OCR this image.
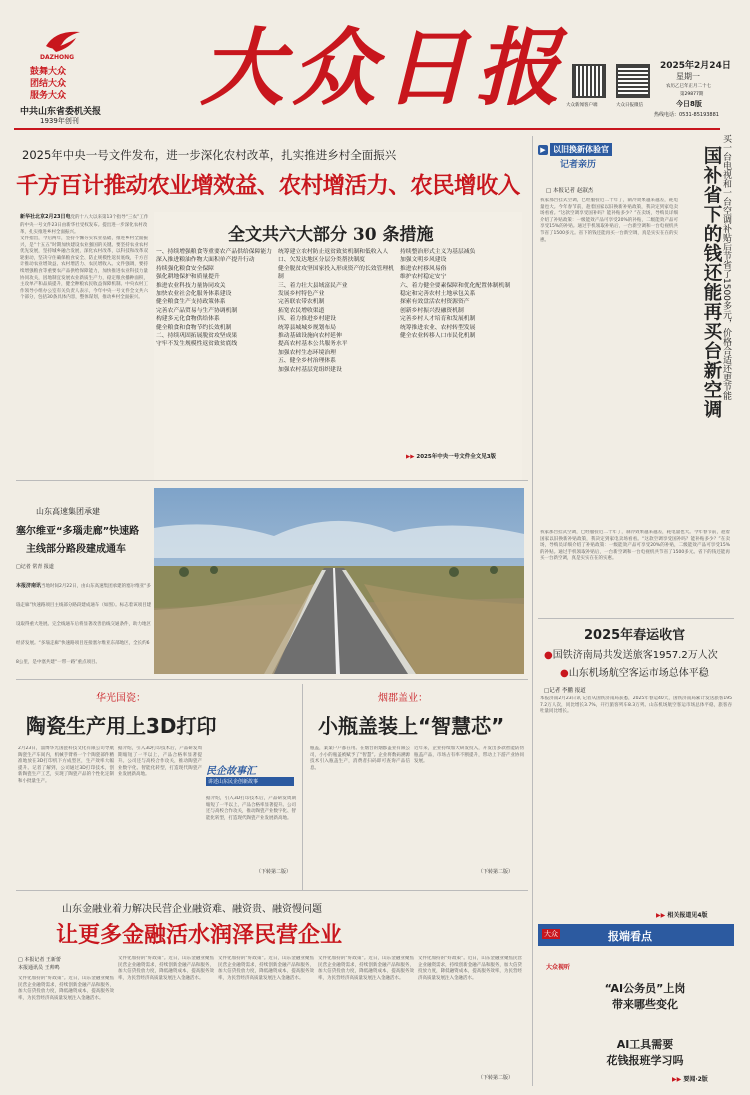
DAZHONG
鼓舞大众
团结大众
服务大众
中共山东省委机关报
1939年创刊
大众日报
大众新闻客户端	大众日报微信
2025年2月24日
星期一
农历乙巳年正月二十七
第29877期
今日8版
热线电话：0531-85193881
2025年中央一号文件发布，进一步深化农村改革，扎实推进乡村全面振兴
千方百计推动农业增效益、农村增活力、农民增收入
新华社北京2月23日电党的十八大以来第13个指导“三农”工作的中央一号文件23日由新华社受权发布。提出进一步深化农村改革，扎实推进乡村全面振兴。
文件指出，今后两年，坚持不懈夯实农业基础，推进乡村全面振兴，是“十五五”时期加快建设农业强国的关键。要坚持农业农村优先发展，坚持城乡融合发展，深化农村改革，以科技和改革双轮驱动，坚决守住确保粮食安全、防止规模性返贫底线，千方百计推动农业增效益、农村增活力、农民增收入。文件强调，要持续增强粮食等重要农产品供给保障能力，加快推进农业科技力量协同攻关，因地制宜发展农业新质生产力，稳定粮食播种面积，主攻单产和品质提升，健全种粮农民收益保障机制。中央农村工作领导小组办公室有关负责人表示，今年中央一号文件全文共六个部分，包括30条具体内容，整体谋划，推动乡村全面振兴。
全文共六大部分 30 条措施
一、持续增强粮食等重要农产品供给保障能力
深入推进粮油作物大面积单产提升行动
持续强化粮食安全保障
强化耕地保护和质量提升
推进农业科技力量协同攻关
加快农业社会化服务体系建设
健全粮食生产支持政策体系
完善农产品贸易与生产协调机制
构建多元化食物供给体系
健全粮食和食物节约长效机制
二、持续巩固拓展脱贫攻坚成果
守牢不发生规模性返贫致贫底线
统筹建立农村防止返贫致贫机制和低收入人口、欠发达地区分层分类帮扶制度
健全脱贫攻坚国家投入形成资产的长效管理机制
三、着力壮大县域富民产业
发展乡村特色产业
完善联农带农机制
拓宽农民增收渠道
四、着力推进乡村建设
统筹县城城乡规划布局
推动基础设施向农村延伸
提高农村基本公共服务水平
加强农村生态环境治理
五、健全乡村治理体系
加强农村基层党组织建设
持续整治形式主义为基层减负
加强文明乡风建设
推进农村移风易俗
维护农村稳定安宁
六、着力健全要素保障和优化配置体制机制
稳定和完善农村土地承包关系
探索有效盘活农村资源资产
创新乡村振兴投融资机制
完善乡村人才培育和发展机制
统筹推进农业、农村转型发展
健全农业转移人口市民化机制
▶▶ 2025年中央一号文件全文见3版
山东高速集团承建
塞尔维亚“多瑙走廊”快速路
主线部分路段建成通车
□记者 常青 报道
本报济南讯当地时间2月22日，由山东高速集团承建的塞尔维亚“多瑙走廊”快速路项目主线部分路段建成通车（如图）。标志着该项目建设取得重大进展。完全线通车后将显著改善沿线交通条件，助力地区经济发展。“多瑙走廊”快速路项目连接塞尔维亚东部地区，全长约68公里，是中塞共建“一带一路”重点项目。
华光国瓷：
陶瓷生产用上3D打印
2月23日，淄博华光国瓷科技文化有限公司导航陶瓷生产车间内，机械手臂将一个个陶瓷部件精准地放在3D打印机下方成型区，生产效率大幅提升。记者了解到，公司通过3D打印技术，创新陶瓷生产工艺，实现了陶瓷产品的个性化定制和小批量生产。
民企故事汇
讲述山东民企创新故事
据介绍，引入3D打印技术后，产品研发周期缩短了一半以上，产品合格率显著提升。公司还与高校合作攻关，推动陶瓷产业数字化、智能化转型，打造现代陶瓷产业发展新高地。
据介绍，引入3D打印技术后，产品研发周期缩短了一半以上，产品合格率显著提升。公司还与高校合作攻关，推动陶瓷产业数字化、智能化转型，打造现代陶瓷产业发展新高地。
（下转第二版）
烟郡盖业：
小瓶盖装上“智慧芯”
瓶盖，案案户户都在用。在烟台的烟郡盖业有限公司，小小的瓶盖被赋予了“智慧”。企业将数码溯源技术引入瓶盖生产，消费者扫码即可查询产品信息。
近年来，企业持续加大研发投入，开发出多款智能防伪瓶盖产品，市场占有率不断提升，带动上下游产业协同发展。
（下转第二版）
山东金融业着力解决民营企业融资难、融资贵、融资慢问题
让更多金融活水润泽民营企业
□ 本报记者 王新蕾
本报通讯员 王帅鸣
文件化加持的“好政策”。近日，山东金融业聚焦民营企业融资需求，持续创新金融产品和服务，加大信贷投放力度，降低融资成本，提高服务效率，为民营经济高质量发展注入金融活水。
文件化加持的“好政策”。近日，山东金融业聚焦民营企业融资需求，持续创新金融产品和服务，加大信贷投放力度，降低融资成本，提高服务效率，为民营经济高质量发展注入金融活水。
文件化加持的“好政策”。近日，山东金融业聚焦民营企业融资需求，持续创新金融产品和服务，加大信贷投放力度，降低融资成本，提高服务效率，为民营经济高质量发展注入金融活水。
文件化加持的“好政策”。近日，山东金融业聚焦民营企业融资需求，持续创新金融产品和服务，加大信贷投放力度，降低融资成本，提高服务效率，为民营经济高质量发展注入金融活水。
文件化加持的“好政策”。近日，山东金融业聚焦民营企业融资需求，持续创新金融产品和服务，加大信贷投放力度，降低融资成本，提高服务效率，为民营经济高质量发展注入金融活水。
（下转第二版）
▶ 以旧换新体验官
记者亲历	国补省下的钱还能再买台新空调 买一台电视和一台空调补贴后节省了1500多元，价格合适还更节能
□ 本报记者 赵淑杰
我家那台挂式空调，已经服役近二十年了，制冷效果越来越差，耗电量也大。今年春节前，趁着国家以旧换新补贴政策，我决定到家电卖场看看。“这款空调享受国补吗？能补贴多少？”在卖场，导购员详细介绍了补贴政策：一级能效产品可享受20%的补贴，二级能效产品可享受15%的补贴。通过手机领取补贴后，一台新空调和一台电视机共节省了1500多元。省下的钱还能再买一台新空调，真是实实在在的实惠。
我家那台挂式空调，已经服役近二十年了，制冷效果越来越差，耗电量也大。今年春节前，趁着国家以旧换新补贴政策，我决定到家电卖场看看。“这款空调享受国补吗？能补贴多少？”在卖场，导购员详细介绍了补贴政策：一级能效产品可享受20%的补贴，二级能效产品可享受15%的补贴。通过手机领取补贴后，一台新空调和一台电视机共节省了1500多元。省下的钱还能再买一台新空调，真是实实在在的实惠。
2025年春运收官
●国铁济南局共发送旅客1957.2万人次
●山东机场航空客运市场总体平稳
□记者 李鹏 报道
本报济南2月23日讯 记者从国铁济南局获悉，2025年春运40天，国铁济南局累计发送旅客1957.2万人次，同比增长3.7%，开行旅客列车8.3万列。山东机场航空客运市场总体平稳，旅客吞吐量同比增长。
▶▶ 相关报道见4版
大众	报端看点
大众视听
“AI公务员”上岗
带来哪些变化
AI工具需要
花钱报班学习吗
▶▶ 要闻·2版
